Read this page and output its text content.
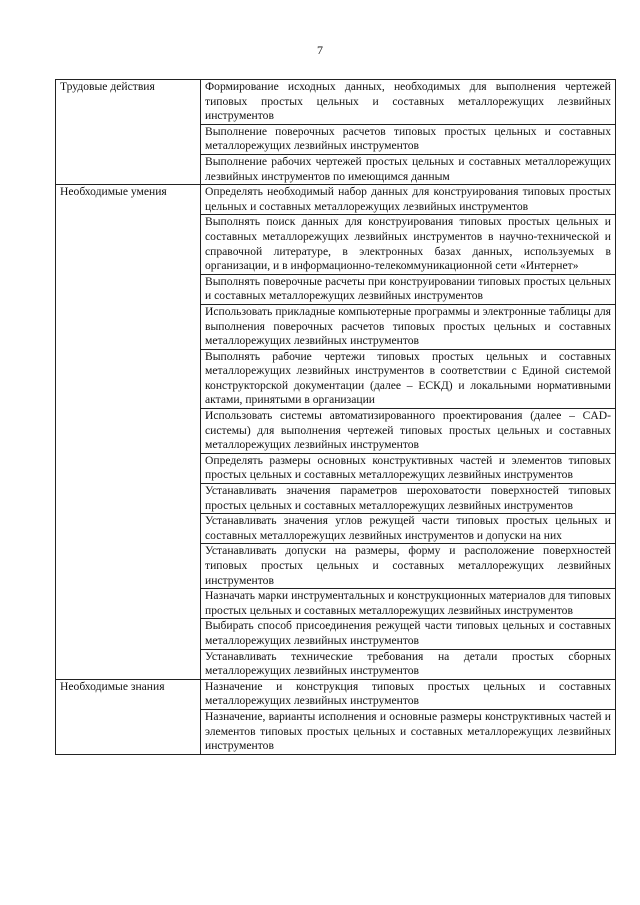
7
Трудовые действия	Формирование исходных данных, необходимых для выполнения чертежей типовых простых цельных и составных металлорежущих лезвийных инструментов
	Выполнение поверочных расчетов типовых простых цельных и составных металлорежущих лезвийных инструментов
	Выполнение рабочих чертежей простых цельных и составных металлорежущих лезвийных инструментов по имеющимся данным
Необходимые умения	Определять необходимый набор данных для конструирования типовых простых цельных и составных металлорежущих лезвийных инструментов
	Выполнять поиск данных для конструирования типовых простых цельных и составных металлорежущих лезвийных инструментов в научно-технической и справочной литературе, в электронных базах данных, используемых в организации, и в информационно-телекоммуникационной сети «Интернет»
	Выполнять поверочные расчеты при конструировании типовых простых цельных и составных металлорежущих лезвийных инструментов
	Использовать прикладные компьютерные программы и электронные таблицы для выполнения поверочных расчетов типовых простых цельных и составных металлорежущих лезвийных инструментов
	Выполнять рабочие чертежи типовых простых цельных и составных металлорежущих лезвийных инструментов в соответствии с Единой системой конструкторской документации (далее – ЕСКД) и локальными нормативными актами, принятыми в организации
	Использовать системы автоматизированного проектирования (далее – CAD-системы) для выполнения чертежей типовых простых цельных и составных металлорежущих лезвийных инструментов
	Определять размеры основных конструктивных частей и элементов типовых простых цельных и составных металлорежущих лезвийных инструментов
	Устанавливать значения параметров шероховатости поверхностей типовых простых цельных и составных металлорежущих лезвийных инструментов
	Устанавливать значения углов режущей части типовых простых цельных и составных металлорежущих лезвийных инструментов и допуски на них
	Устанавливать допуски на размеры, форму и расположение поверхностей типовых простых цельных и составных металлорежущих лезвийных инструментов
	Назначать марки инструментальных и конструкционных материалов для типовых простых цельных и составных металлорежущих лезвийных инструментов
	Выбирать способ присоединения режущей части типовых цельных и составных металлорежущих лезвийных инструментов
	Устанавливать технические требования на детали простых сборных металлорежущих лезвийных инструментов
Необходимые знания	Назначение и конструкция типовых простых цельных и составных металлорежущих лезвийных инструментов
	Назначение, варианты исполнения и основные размеры конструктивных частей и элементов типовых простых цельных и составных металлорежущих лезвийных инструментов
